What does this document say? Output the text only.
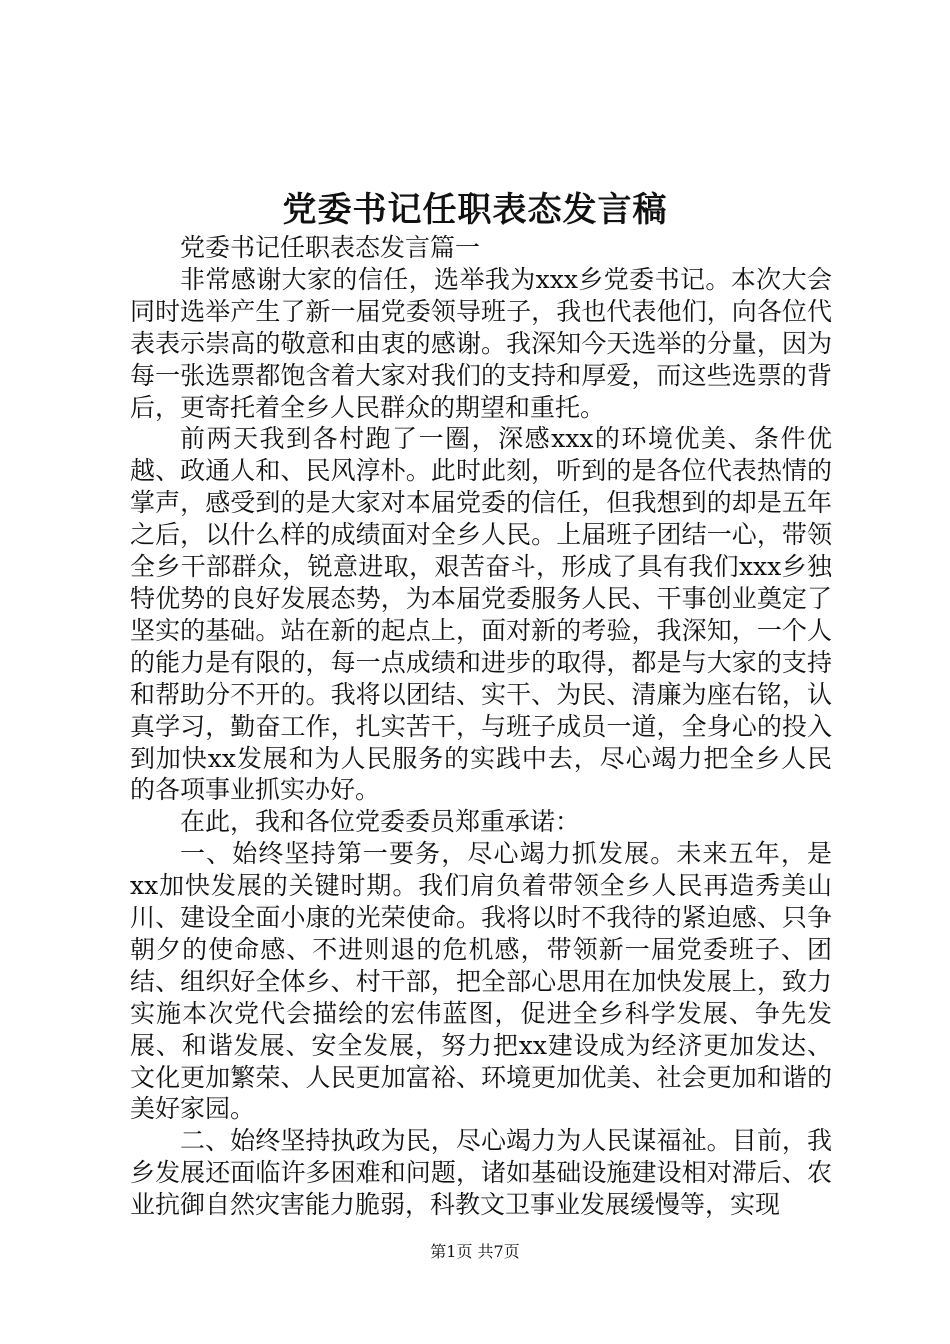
党委书记任职表态发言稿

党委书记任职表态发言篇一

非常感谢大家的信任，选举我为xxx乡党委书记。本次大会同时选举产生了新一届党委领导班子，我也代表他们，向各位代表表示崇高的敬意和由衷的感谢。我深知今天选举的分量，因为每一张选票都饱含着大家对我们的支持和厚爱，而这些选票的背后，更寄托着全乡人民群众的期望和重托。

前两天我到各村跑了一圈，深感xxx的环境优美、条件优越、政通人和、民风淳朴。此时此刻，听到的是各位代表热情的掌声，感受到的是大家对本届党委的信任，但我想到的却是五年之后，以什么样的成绩面对全乡人民。上届班子团结一心，带领全乡干部群众，锐意进取，艰苦奋斗，形成了具有我们xxx乡独特优势的良好发展态势，为本届党委服务人民、干事创业奠定了坚实的基础。站在新的起点上，面对新的考验，我深知，一个人的能力是有限的，每一点成绩和进步的取得，都是与大家的支持和帮助分不开的。我将以团结、实干、为民、清廉为座右铭，认真学习，勤奋工作，扎实苦干，与班子成员一道，全身心的投入到加快xx发展和为人民服务的实践中去，尽心竭力把全乡人民的各项事业抓实办好。

在此，我和各位党委委员郑重承诺：

一、始终坚持第一要务，尽心竭力抓发展。未来五年，是xx加快发展的关键时期。我们肩负着带领全乡人民再造秀美山川、建设全面小康的光荣使命。我将以时不我待的紧迫感、只争朝夕的使命感、不进则退的危机感，带领新一届党委班子、团结、组织好全体乡、村干部，把全部心思用在加快发展上，致力实施本次党代会描绘的宏伟蓝图，促进全乡科学发展、争先发展、和谐发展、安全发展，努力把xx建设成为经济更加发达、文化更加繁荣、人民更加富裕、环境更加优美、社会更加和谐的美好家园。

二、始终坚持执政为民，尽心竭力为人民谋福祉。目前，我乡发展还面临许多困难和问题，诸如基础设施建设相对滞后、农业抗御自然灾害能力脆弱，科教文卫事业发展缓慢等，实现

第1页 共7页
